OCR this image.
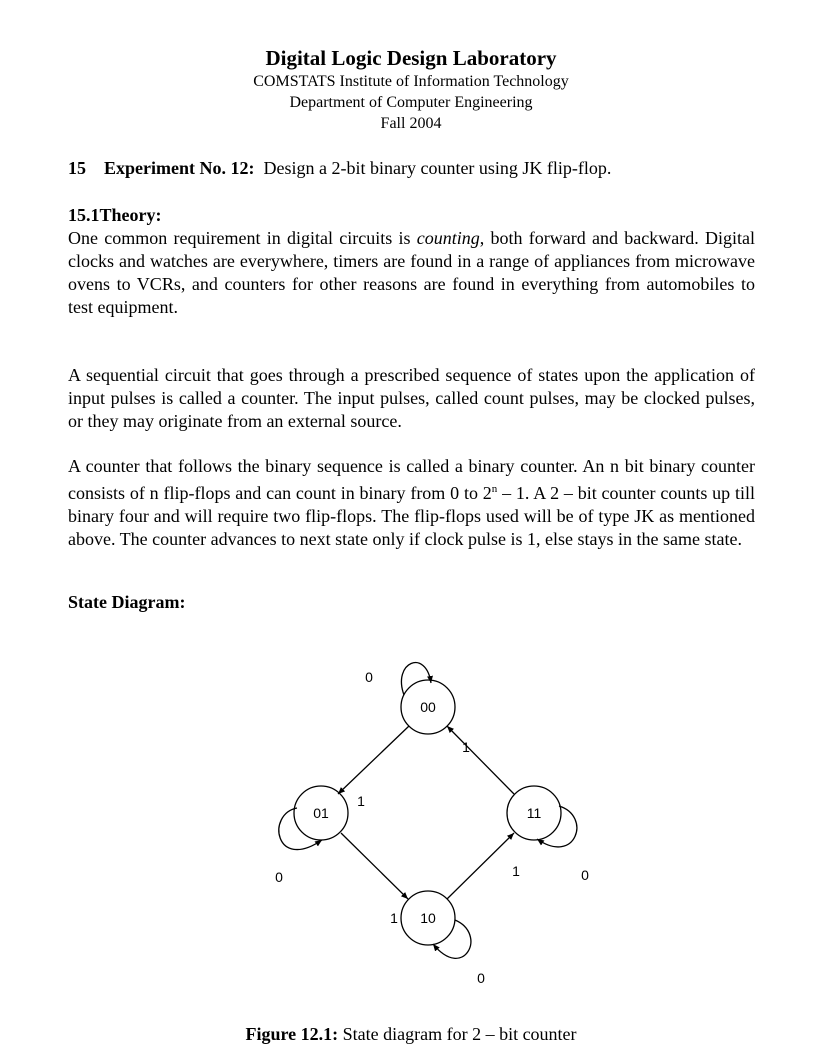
Digital Logic Design Laboratory
COMSTATS Institute of Information Technology
Department of Computer Engineering
Fall 2004
15 Experiment No. 12: Design a 2-bit binary counter using JK flip-flop.
15.1Theory:

One common requirement in digital circuits is counting, both forward and backward. Digital clocks and watches are everywhere, timers are found in a range of appliances from microwave ovens to VCRs, and counters for other reasons are found in everything from automobiles to test equipment.

A sequential circuit that goes through a prescribed sequence of states upon the application of input pulses is called a counter. The input pulses, called count pulses, may be clocked pulses, or they may originate from an external source.

A counter that follows the binary sequence is called a binary counter. An n bit binary counter consists of n flip-flops and can count in binary from 0 to 2$^n$ – 1. A 2 – bit counter counts up till binary four and will require two flip-flops. The flip-flops used will be of type JK as mentioned above. The counter advances to next state only if clock pulse is 1, else stays in the same state.

State Diagram:
00
01
10
11
0
0
0
0
1
1
1
1
Figure 12.1: State diagram for 2 – bit counter
